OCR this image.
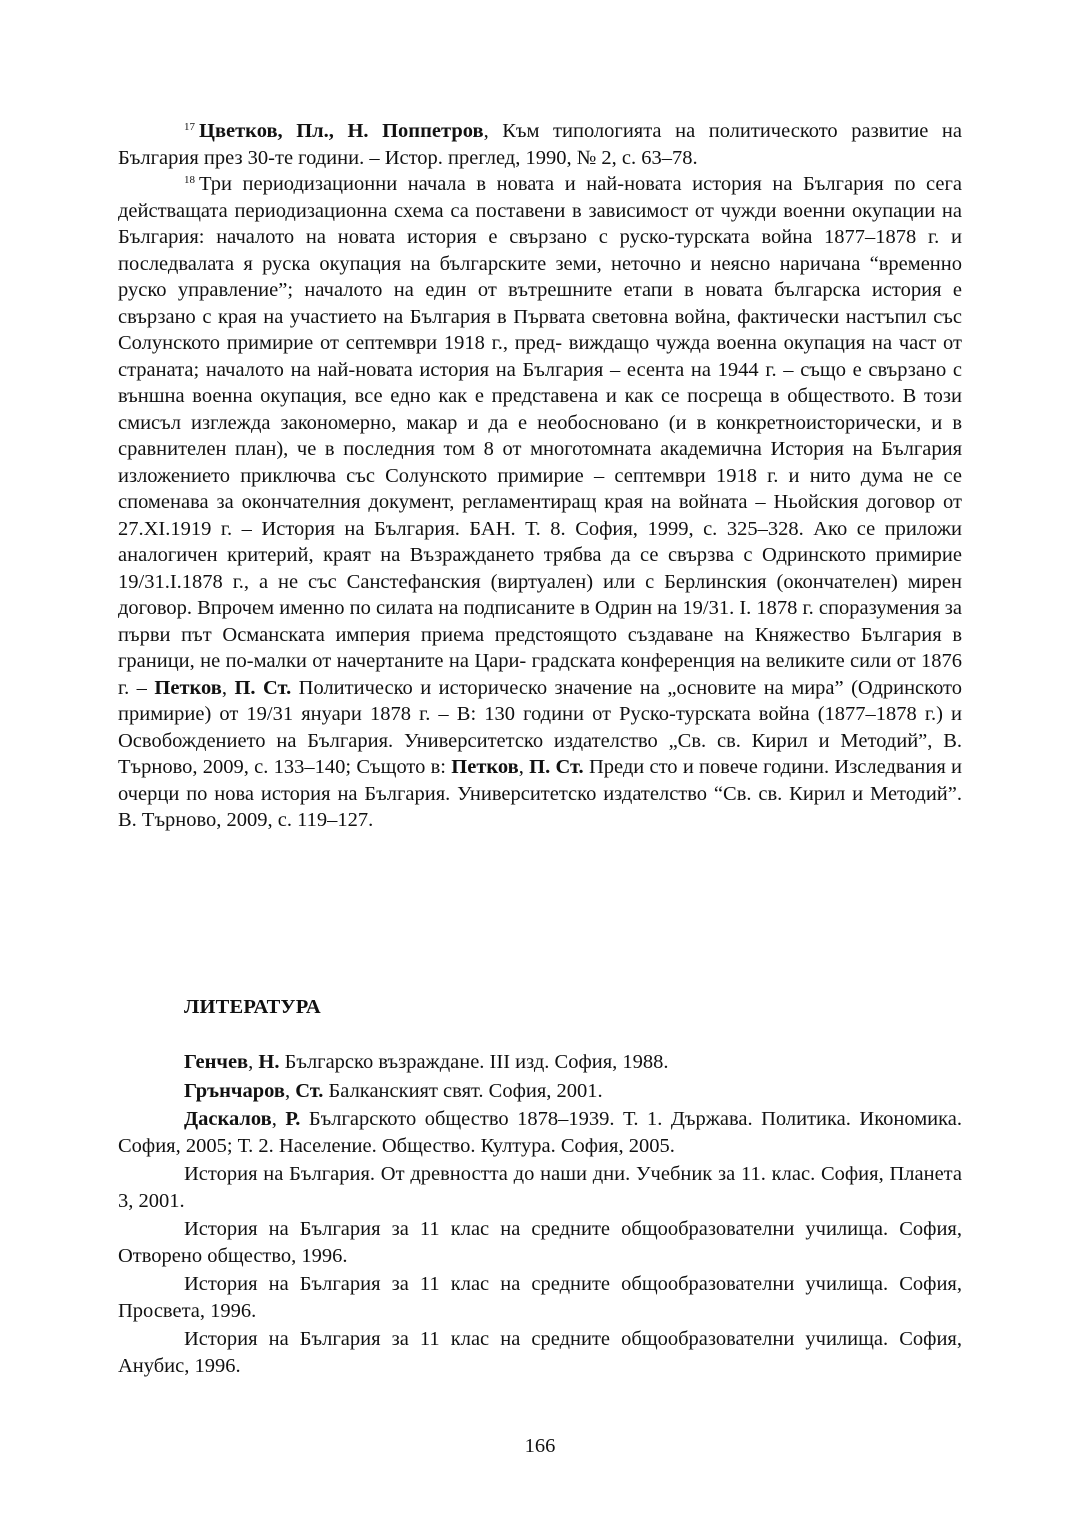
$^{17}$ Цветков, Пл., Н. Поппетров, Към типологията на политическото развитие на България през 30-те години. – Истор. преглед, 1990, № 2, с. 63–78.

$^{18}$ Три периодизационни начала в новата и най-новата история на България по сега действащата периодизационна схема са поставени в зависимост от чужди военни окупации на България: началото на новата история е свързано с руско-турската война 1877–1878 г. и последвалата я руска окупация на българските земи, неточно и неясно наричана “временно руско управление”; началото на един от вътрешните етапи в новата българска история е свързано с края на участието на България в Първата световна война, фактически настъпил със Солунското примирие от септември 1918 г., пред- виждащо чужда военна окупация на част от страната; началото на най-новата история на България – есента на 1944 г. – също е свързано с външна военна окупация, все едно как е представена и как се посреща в обществото. В този смисъл изглежда закономерно, макар и да е необосновано (и в конкретноисторически, и в сравнителен план), че в последния том 8 от многотомната академична История на България изложението приключва със Солунското примирие – септември 1918 г. и нито дума не се споменава за окончателния документ, регламентиращ края на войната – Ньойския договор от 27.XI.1919 г. – История на България. БАН. Т. 8. София, 1999, с. 325–328. Ако се приложи аналогичен критерий, краят на Възраждането трябва да се свързва с Одринското примирие 19/31.I.1878 г., а не със Санстефанския (виртуален) или с Берлинския (окончателен) мирен договор. Впрочем именно по силата на подписаните в Одрин на 19/31. I. 1878 г. споразумения за първи път Османската империя приема предстоящото създаване на Княжество България в граници, не по-малки от начертаните на Цари- градската конференция на великите сили от 1876 г. – Петков, П. Ст. Политическо и историческо значение на „основите на мира” (Одринското примирие) от 19/31 януари 1878 г. – В: 130 години от Руско-турската война (1877–1878 г.) и Освобождението на България. Университетско издателство „Св. св. Кирил и Методий”, В. Търново, 2009, с. 133–140; Същото в: Петков, П. Ст. Преди сто и повече години. Изследвания и очерци по нова история на България. Университетско издателство “Св. св. Кирил и Методий”. В. Търново, 2009, с. 119–127.

ЛИТЕРАТУРА

Генчев, Н. Българско възраждане. III изд. София, 1988.

Грънчаров, Ст. Балканският свят. София, 2001.

Даскалов, Р. Българското общество 1878–1939. Т. 1. Държава. Политика. Икономика. София, 2005; Т. 2. Население. Общество. Култура. София, 2005.

История на България. От древността до наши дни. Учебник за 11. клас. София, Планета 3, 2001.

История на България за 11 клас на средните общообразователни училища. София, Отворено общество, 1996.

История на България за 11 клас на средните общообразователни училища. София, Просвета, 1996.

История на България за 11 клас на средните общообразователни училища. София, Анубис, 1996.

166
